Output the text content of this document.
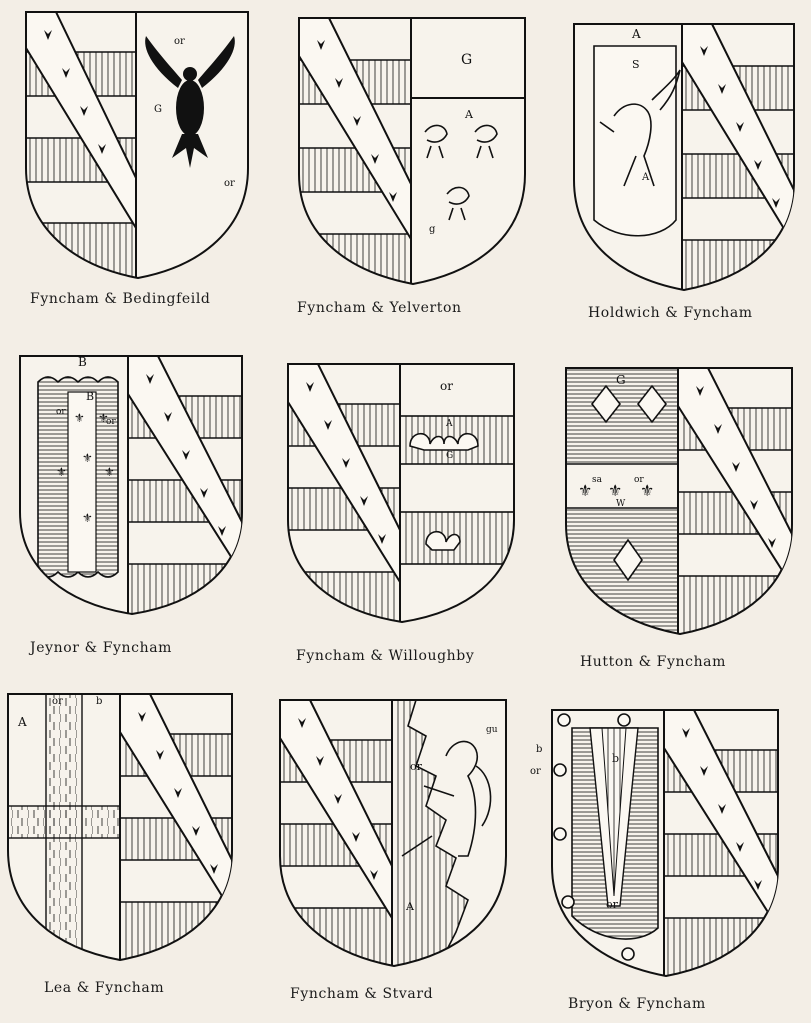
or
G
or
Fyncham & Bedingfeild
G
A
g
Fyncham & Yelverton
A
S
A
Holdwich & Fyncham
⚜ ⚜
⚜
⚜	⚜
⚜
B
B
or
or
Jeynor & Fyncham
or
A
G
Fyncham & Willoughby
⚜ ⚜ ⚜
G
sa	or
W
Hutton & Fyncham
or	b
A
Lea & Fyncham
gu
or
A
Fyncham & Stvard
b
or
b
or
Bryon & Fyncham
